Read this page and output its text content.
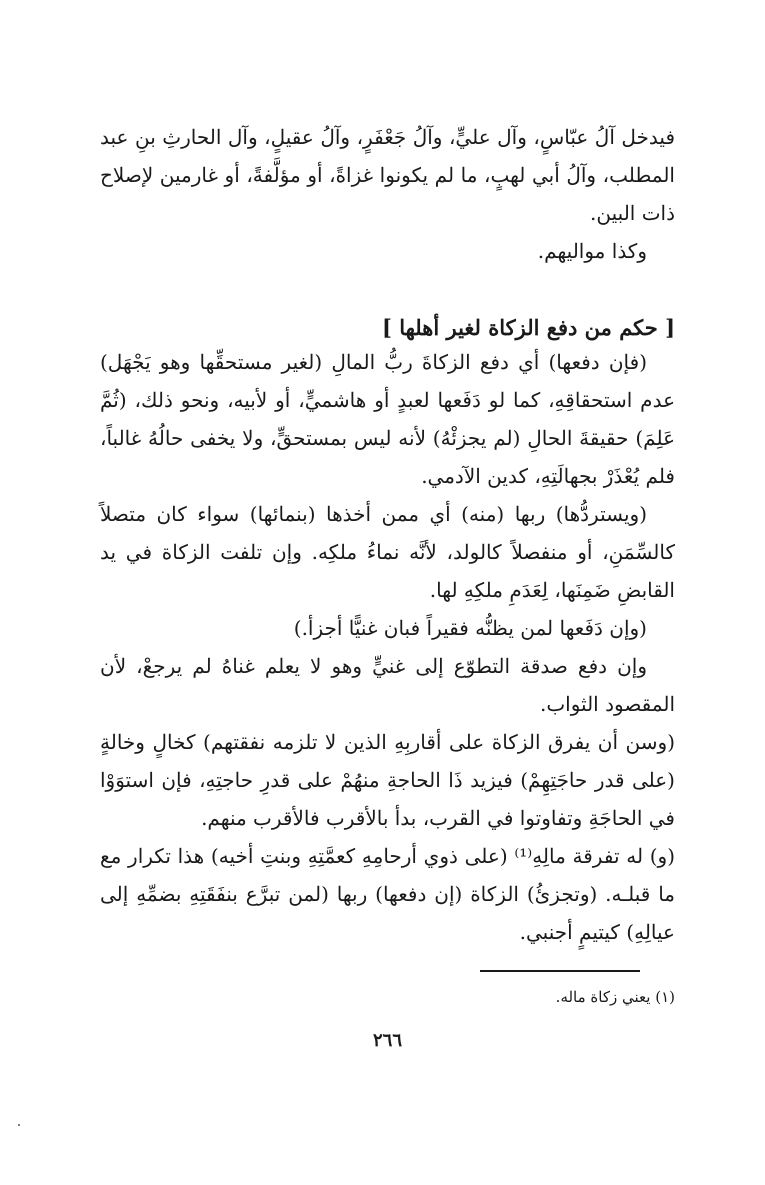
فيدخل آلُ عبّاسٍ، وآل عليٍّ، وآلُ جَعْفَرٍ، وآلُ عقيلٍ، وآل الحارثِ بنِ عبد المطلب، وآلُ أبي لهبٍ، ما لم يكونوا غزاةً، أو مؤلَّفةً، أو غارمين لإصلاح ذات البين.

وكذا مواليهم.

[ حكم من دفع الزكاة لغير أهلها ]

(فإن دفعها) أي دفع الزكاةَ ربُّ المالِ (لغير مستحقِّها وهو يَجْهَل) عدم استحقاقِهِ، كما لو دَفَعها لعبدٍ أو هاشميٍّ، أو لأبيه، ونحو ذلك، (ثُمَّ عَلِمَ) حقيقةَ الحالِ (لم يجزئْهُ) لأنه ليس بمستحقٍّ، ولا يخفى حالُهُ غالباً، فلم يُعْذَرْ بجهالَتِهِ، كدين الآدمي.

(ويستردُّها) ربها (منه) أي ممن أخذها (بنمائها) سواء كان متصلاً كالسِّمَنِ، أو منفصلاً كالولد، لأنَّه نماءُ ملكِه. وإن تلفت الزكاة في يد القابضِ ضَمِنَها، لِعَدَمِ ملكِهِ لها.

(وإن دَفَعها لمن يظنُّه فقيراً فبان غنيًّا أجزأ.)

وإن دفع صدقة التطوّع إلى غنيٍّ وهو لا يعلم غناهُ لم يرجعْ، لأن المقصود الثواب.

(وسن أن يفرق الزكاة على أقاربِهِ الذين لا تلزمه نفقتهم) كخالٍ وخالةٍ (على قدر حاجَتِهِمْ) فيزيد ذَا الحاجةِ منهُمْ على قدرِ حاجتِهِ، فإن استوَوْا في الحاجَةِ وتفاوتوا في القرب، بدأ بالأقرب فالأقرب منهم.

(و) له تفرقة مالِهِ⁽¹⁾ (على ذوي أرحامِهِ كعمَّتِهِ وبنتِ أخيه) هذا تكرار مع ما قبلـه. (وتجزئُ) الزكاة (إن دفعها) ربها (لمن تبرَّع بنفَقَتِهِ بضمِّهِ إلى عيالِهِ) كيتيمٍ أجنبي.

(١) يعني زكاة ماله.
٢٦٦
